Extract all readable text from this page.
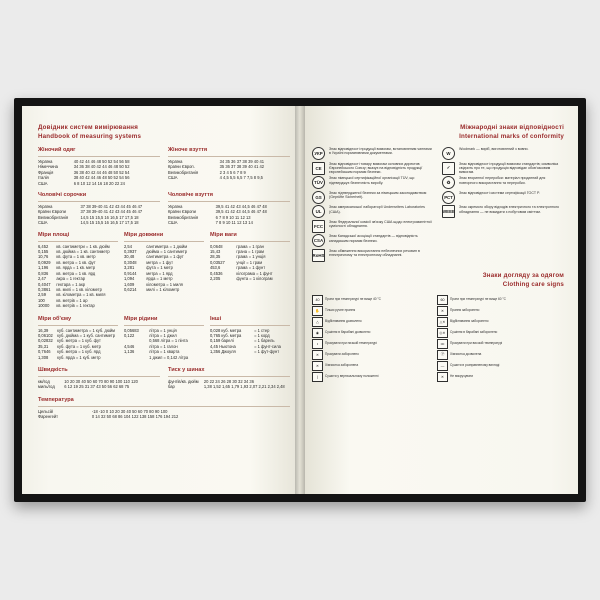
Довідник систем вимірювання
Handbook of measuring systems
Жіночий одяг
Україна	40 42 44 46 48 50 52 54 56 58
Німеччина	34 36 38 40 42 44 46 48 50 52
Франція	36 38 40 42 44 46 48 50 52 54
Італія	38 40 42 44 46 48 50 52 54 56
США	6 8 10 12 14 16 18 20 22 24
Жіноче взуття
Україна	34 35 36 37 38 39 40 41
Крaїни Європ.	35 36 37 38 39 40 41 42
Великобританія	2 3 4 5 6 7 8 9
США	4 4,5 5,5 6,5 7 7,5 8 9,5
Чоловічі сорочки
Україна	37 38 39-40 41 42 43 44 45 46 47
Країни Європи	37 38 39-40 41 42 43 44 45 46 47
Великобританія	14,5 15 15,5 16 16,5 17 17,5 18
США	14,5 15 15,5 16 16,5 17 17,5 18
Чоловіче взуття
Україна	39,5 41 42 43 44,5 46 47 48
Країни Європи	39,5 41 42 43 44,5 46 47 48
Великобританія	6 7 8 9 10 11 12 13
США	7 8 9 10 11 12 13 14
Міри площі
6,452	кв. сантиметри = 1 кв. дюйм
0,155	кв. дюйма = 1 кв. сантиметр
10,76	кв. фута = 1 кв. метр
0,0929	кв. метра = 1 кв. фут
1,196	кв. ярда = 1 кв. метр
0,836	кв. метра = 1 кв. ярд
2,47	акра = 1 гектар
0,4047	гектара = 1 акр
0,3861	кв. милі = 1 кв. кілометр
2,59	кв. кілометра = 1 кв. миля
100	кв. метрів = 1 ар
10000	кв. метрів = 1 гектар
Міри довжини
2,54	сантиметра = 1 дюйм
0,3937	дюйма = 1 сантиметр
30,48	сантиметра = 1 фут
0,3048	метра = 1 фут
3,281	фута = 1 метр
0,9144	метра = 1 ярд
1,094	ярда = 1 метр
1,609	кілометра = 1 миля
0,6214	милі = 1 кілометр
Міри ваги
0,0648	грама = 1 гран
15,43	грана = 1 грам
28,35	грама = 1 унція
0,03527	унції = 1 грам
453,6	грама = 1 фунт
0,4536	кілограма = 1 фунт
2,205	фунта = 1 кілограм
Міри об'єму
16,39	куб. сантиметра = 1 куб. дюйм
0,06102	куб. дюйма = 1 куб. сантиметр
0,02832	куб. метра = 1 куб. фут
35,31	куб. фута = 1 куб. метр
0,7646	куб. метра = 1 куб. ярд
1,308	куб. ярда = 1 куб. метр
Міри рідини
0,05683	літра = 1 унція
0,122	літра = 1 джил
	0,568 літра = 1 пінта
4,546	літра = 1 галон
1,136	літра = 1 кварта
	1 джил = 0,142 літра
Інші
0,028 куб. метра	= 1 стер
0,765 куб. метра	= 1 корд
0,159 барелі	= 1 барель
4,45 Ньютона	= 1 фунт-сила
1,356 Джоуля	= 1 фут-фунт
Швидкість
км/год	10 20 30 40 50 60 70 80 90 100 110 120
миль/год	6 12 19 25 31 37 43 50 56 62 68 75
Тиск у шинах
фунтів/кв. дюйм	20 22 24 26 28 30 32 34 36
бар	1,38 1,52 1,65 1,79 1,93 2,07 2,21 2,34 2,48
Температура
Цельсій	-18 -10 0 10 20 30 40 50 60 70 80 90 100
Фаренгейт	0 14 32 50 68 86 104 122 138 158 176 194 212
Міжнародні знаки відповідності
International marks of conformity
УКР
Знак відповідності продукції вимогам, встановленим чинними в Україні нормативними документами.
CE
Знак відповідності товару вимогам основних директив Європейського Союзу; вказує на відповідність продукції європейським нормам безпеки.
TÜV
Знак німецької сертифікаційної організації TÜV, що підтверджує безпечність виробу.
GS
Знак підтвердженої безпеки за німецьким законодавством (Geprüfte Sicherheit).
UL
Знак американської лабораторії Underwriters Laboratories (США).
FCC
Знак Федеральної комісії зв'язку США щодо електромагнітної сумісності обладнання.
CSA
Знак Канадської асоціації стандартів — відповідність канадським нормам безпеки.
RoHS
Знак обмеження використання небезпечних речовин в електричному та електронному обладнанні.
W
Woolmark — виріб, виготовлений з вовни.
✓
Знак відповідності продукції вимогам стандартів; символіка свідчить про те, що продукція відповідає обов'язковим вимогам.
♻
Знак вторинної переробки: матеріал придатний для повторного використання та переробки.
РСТ
Знак відповідності системи сертифікації ГОСТ Р.
WEEE
Знак окремого збору відходів електричного та електронного обладнання — не викидати з побутовим сміттям.
Знаки догляду за одягом
Clothing care signs
40	Прати при температурі не вище 40 °C	60	Прати при температурі не вище 60 °C
✋	Тільки ручне прання	✕	Прання заборонено
△	Відбілювання дозволено	△✕	Відбілювання заборонено
◉	Сушіння в барабані дозволено	◎✕	Сушіння в барабані заборонено
•	Прасувати при низькій температурі	•••	Прасувати при високій температурі
✕	Прасувати заборонено	Ⓟ	Хімчистка дозволена
✕	Хімчистка заборонена	—	Сушити в розправленому вигляді
|	Сушити у вертикальному положенні	✕	Не викручувати
